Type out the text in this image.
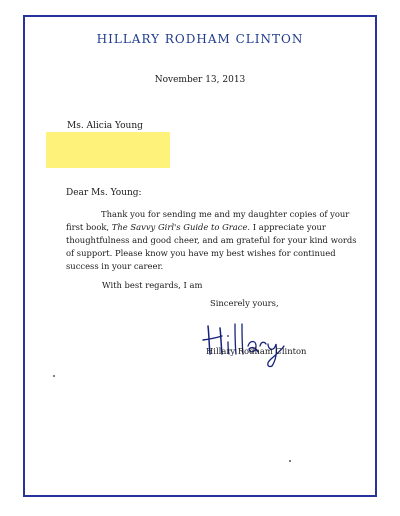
HILLARY RODHAM CLINTON
November 13, 2013
Ms. Alicia Young
Dear Ms. Young:

Thank you for sending me and my daughter copies of your first book, The Savvy Girl's Guide to Grace. I appreciate your thoughtfulness and good cheer, and am grateful for your kind words of support. Please know you have my best wishes for continued success in your career.

With best regards, I am
Sincerely yours,
Hillary Rodham Clinton
